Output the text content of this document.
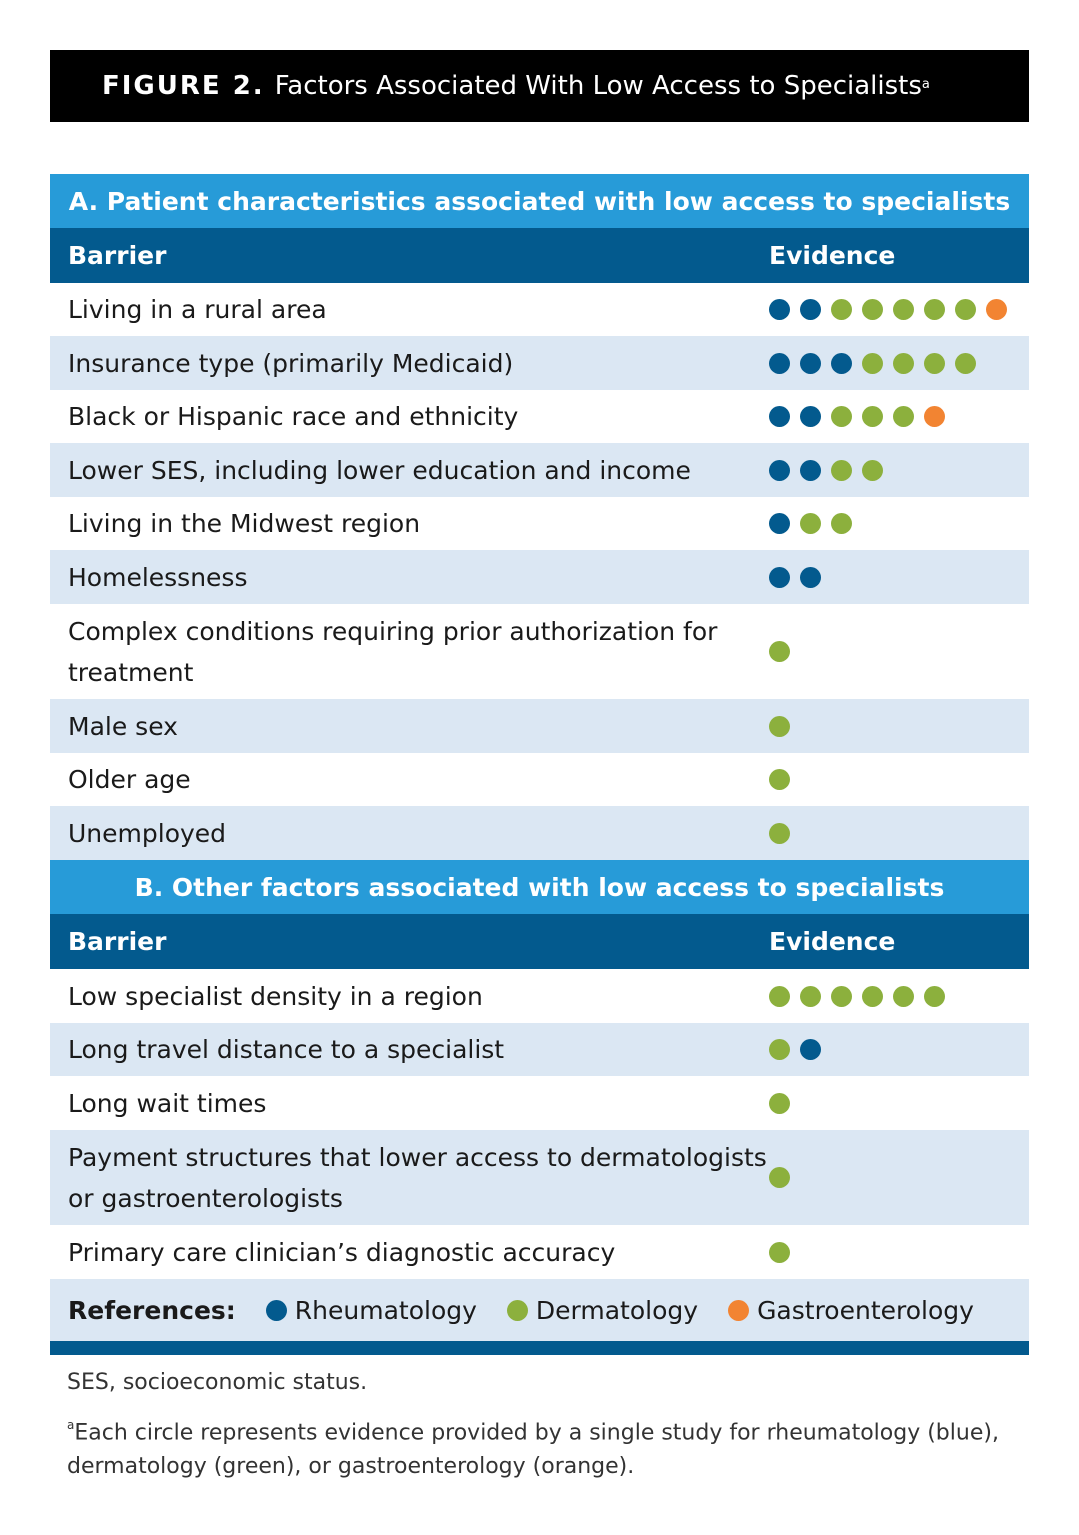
FIGURE 2. Factors Associated With Low Access to Specialists$^a$
A. Patient characteristics associated with low access to specialists
Barrier	Evidence
Living in a rural area
Insurance type (primarily Medicaid)
Black or Hispanic race and ethnicity
Lower SES, including lower education and income
Living in the Midwest region
Homelessness
Complex conditions requiring prior authorization for treatment
Male sex
Older age
Unemployed
B. Other factors associated with low access to specialists
Barrier	Evidence
Low specialist density in a region
Long travel distance to a specialist
Long wait times
Payment structures that lower access to dermatologists or gastroenterologists
Primary care clinician’s diagnostic accuracy
References: Rheumatology Dermatology Gastroenterology

SES, socioeconomic status.

$^a$Each circle represents evidence provided by a single study for rheumatology (blue), dermatology (green), or gastroenterology (orange).
